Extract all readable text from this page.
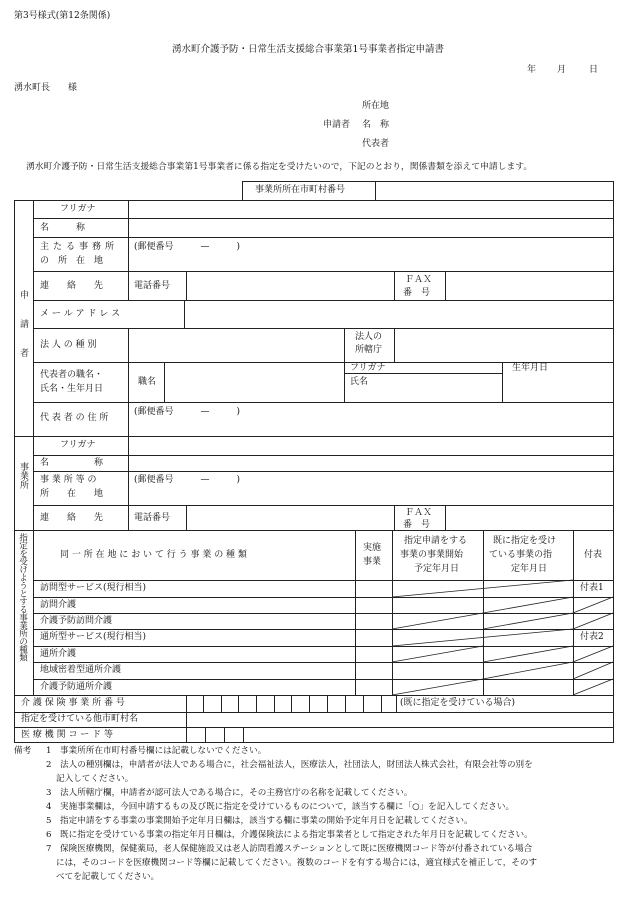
第3号様式(第12条関係)
湧水町介護予防・日常生活支援総合事業第1号事業者指定申請書
年 月	日
湧水町長　　様
所在地
申請者 名　称
代表者
湧水町介護予防・日常生活支援総合事業第1号事業者に係る指定を受けたいので，下記のとおり，関係書類を添えて申請します。
事業所所在市町村番号
申請者
フリガナ
名　　　称
主たる事務所
の　所　在　地
(郵便番号　　　—　　　)
連　　絡　　先	電話番号
ＦＡＸ
番　号
メ ー ル ア ド レ ス
法 人 の 種 別
法人の
所轄庁
代表者の職名・
氏名・生年月日
職名
フリガナ
氏名
生年月日
代 表 者 の 住 所
(郵便番号　　　—　　　)
事業所
フリガナ
名　　　　　称
事 業 所 等 の
所　　在　　地
(郵便番号　　　—　　　)
連　　絡　　先	電話番号	ＦＡＸ
番　号
指定を受けようとする事業所の種類	同 一 所 在 地 に お い て 行 う 事 業 の 種 類
実施
事業
指定申請をする
事業の事業開始
予定年月日
既に指定を受け
ている事業の指
定年月日
付表
訪問型サービス(現行相当)	付表1
訪問介護
介護予防訪問介護
通所型サービス(現行相当)	付表2
通所介護
地域密着型通所介護
介護予防通所介護
介 護 保 険 事 業 所 番 号	(既に指定を受けている場合)
指定を受けている他市町村名
医 療 機 関 コ ー ド 等
備考 1　事業所所在市町村番号欄には記載しないでください。
2　法人の種別欄は，申請者が法人である場合に，社会福祉法人，医療法人，社団法人，財団法人株式会社，有限会社等の別を
記入してください。
3　法人所轄庁欄，申請者が認可法人である場合に，その主務官庁の名称を記載してください。
4　実施事業欄は，今回申請するもの及び既に指定を受けているものについて，該当する欄に「○」を記入してください。
5　指定申請をする事業の事業開始予定年月日欄は，該当する欄に事業の開始予定年月日を記載してください。
6　既に指定を受けている事業の指定年月日欄は，介護保険法による指定事業者として指定された年月日を記載してください。
7　保険医療機関，保健薬局，老人保健施設又は老人訪問看護ステーションとして既に医療機関コード等が付番されている場合
には，そのコードを医療機関コード等欄に記載してください。複数のコードを有する場合には，適宜様式を補正して，そのす
べてを記載してください。
